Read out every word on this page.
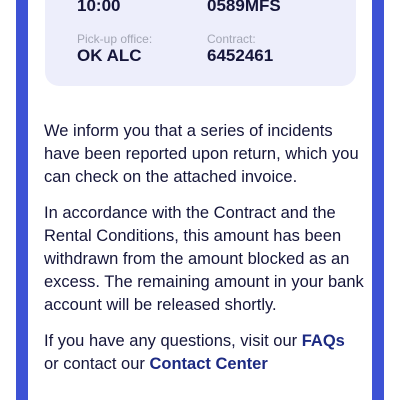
10:00	0589MFS
Pick-up office:
OK ALC
Contract:
6452461

We inform you that a series of incidents have been reported upon return, which you can check on the attached invoice.

In accordance with the Contract and the Rental Conditions, this amount has been withdrawn from the amount blocked as an excess. The remaining amount in your bank account will be released shortly.

If you have any questions, visit our FAQs
or contact our Contact Center
